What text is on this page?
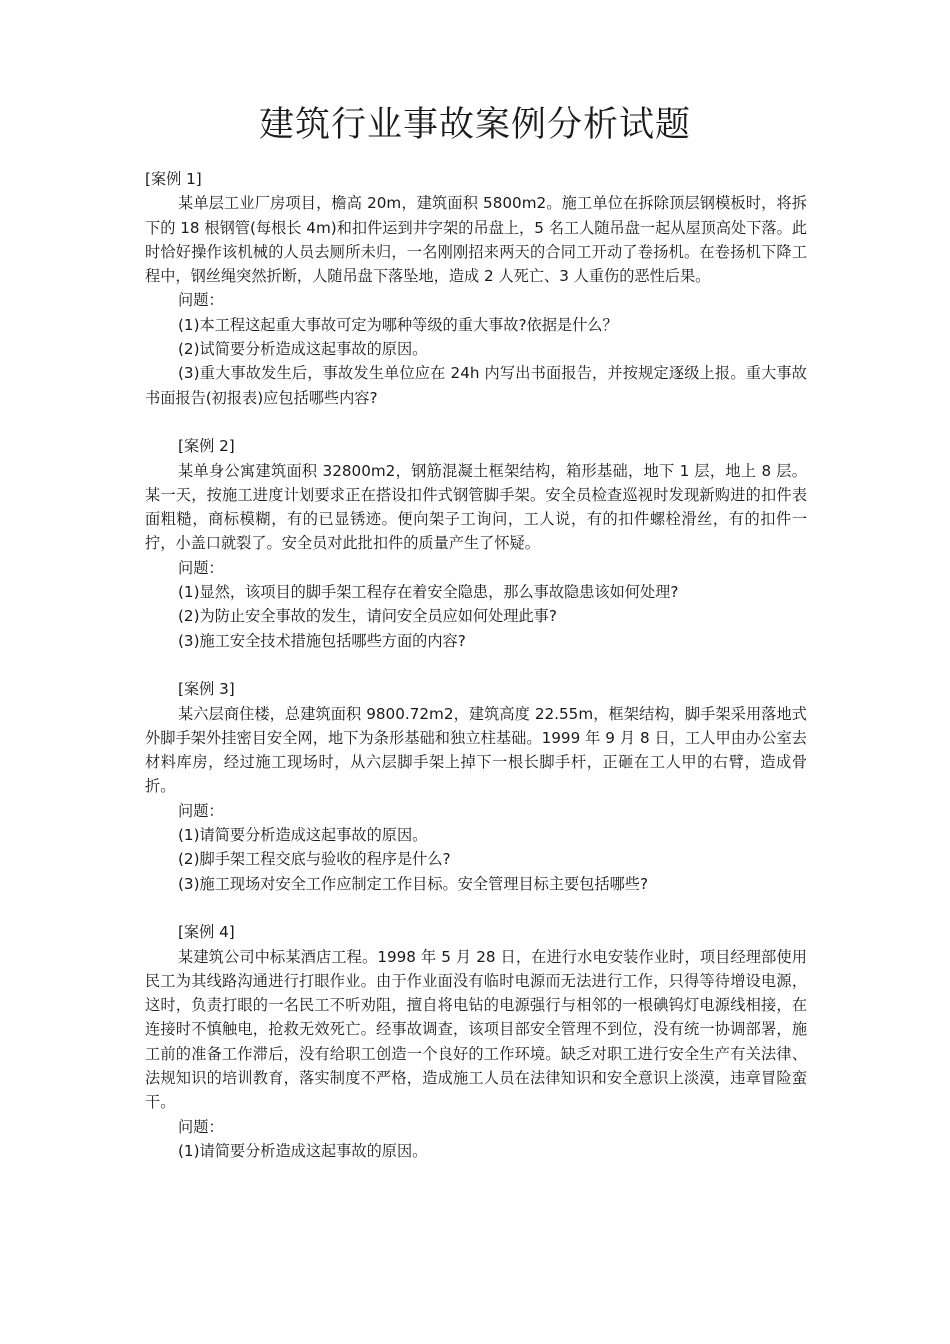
建筑行业事故案例分析试题

[案例 1]

某单层工业厂房项目，檐高 20m，建筑面积 5800m2。施工单位在拆除顶层钢模板时，将拆下的 18 根钢管(每根长 4m)和扣件运到井字架的吊盘上，5 名工人随吊盘一起从屋顶高处下落。此时恰好操作该机械的人员去厕所未归，一名刚刚招来两天的合同工开动了卷扬机。在卷扬机下降工程中，钢丝绳突然折断，人随吊盘下落坠地，造成 2 人死亡、3 人重伤的恶性后果。

问题：

(1)本工程这起重大事故可定为哪种等级的重大事故?依据是什么？

(2)试简要分析造成这起事故的原因。

(3)重大事故发生后，事故发生单位应在 24h 内写出书面报告，并按规定逐级上报。重大事故书面报告(初报表)应包括哪些内容?

[案例 2]

某单身公寓建筑面积 32800m2，钢筋混凝土框架结构，箱形基础，地下 1 层，地上 8 层。某一天，按施工进度计划要求正在搭设扣件式钢管脚手架。安全员检查巡视时发现新购进的扣件表面粗糙，商标模糊，有的已显锈迹。便向架子工询问，工人说，有的扣件螺栓滑丝，有的扣件一拧，小盖口就裂了。安全员对此批扣件的质量产生了怀疑。

问题：

(1)显然，该项目的脚手架工程存在着安全隐患，那么事故隐患该如何处理?

(2)为防止安全事故的发生，请问安全员应如何处理此事?

(3)施工安全技术措施包括哪些方面的内容?

[案例 3]

某六层商住楼，总建筑面积 9800.72m2，建筑高度 22.55m，框架结构，脚手架采用落地式外脚手架外挂密目安全网，地下为条形基础和独立柱基础。1999 年 9 月 8 日，工人甲由办公室去材料库房，经过施工现场时，从六层脚手架上掉下一根长脚手杆，正砸在工人甲的右臂，造成骨折。

问题：

(1)请简要分析造成这起事故的原因。

(2)脚手架工程交底与验收的程序是什么?

(3)施工现场对安全工作应制定工作目标。安全管理目标主要包括哪些?

[案例 4]

某建筑公司中标某酒店工程。1998 年 5 月 28 日，在进行水电安装作业时，项目经理部使用民工为其线路沟通进行打眼作业。由于作业面没有临时电源而无法进行工作，只得等待增设电源，这时，负责打眼的一名民工不听劝阻，擅自将电钻的电源强行与相邻的一根碘钨灯电源线相接，在连接时不慎触电，抢救无效死亡。经事故调查，该项目部安全管理不到位，没有统一协调部署，施工前的准备工作滞后，没有给职工创造一个良好的工作环境。缺乏对职工进行安全生产有关法律、法规知识的培训教育，落实制度不严格，造成施工人员在法律知识和安全意识上淡漠，违章冒险蛮干。

问题：

(1)请简要分析造成这起事故的原因。
